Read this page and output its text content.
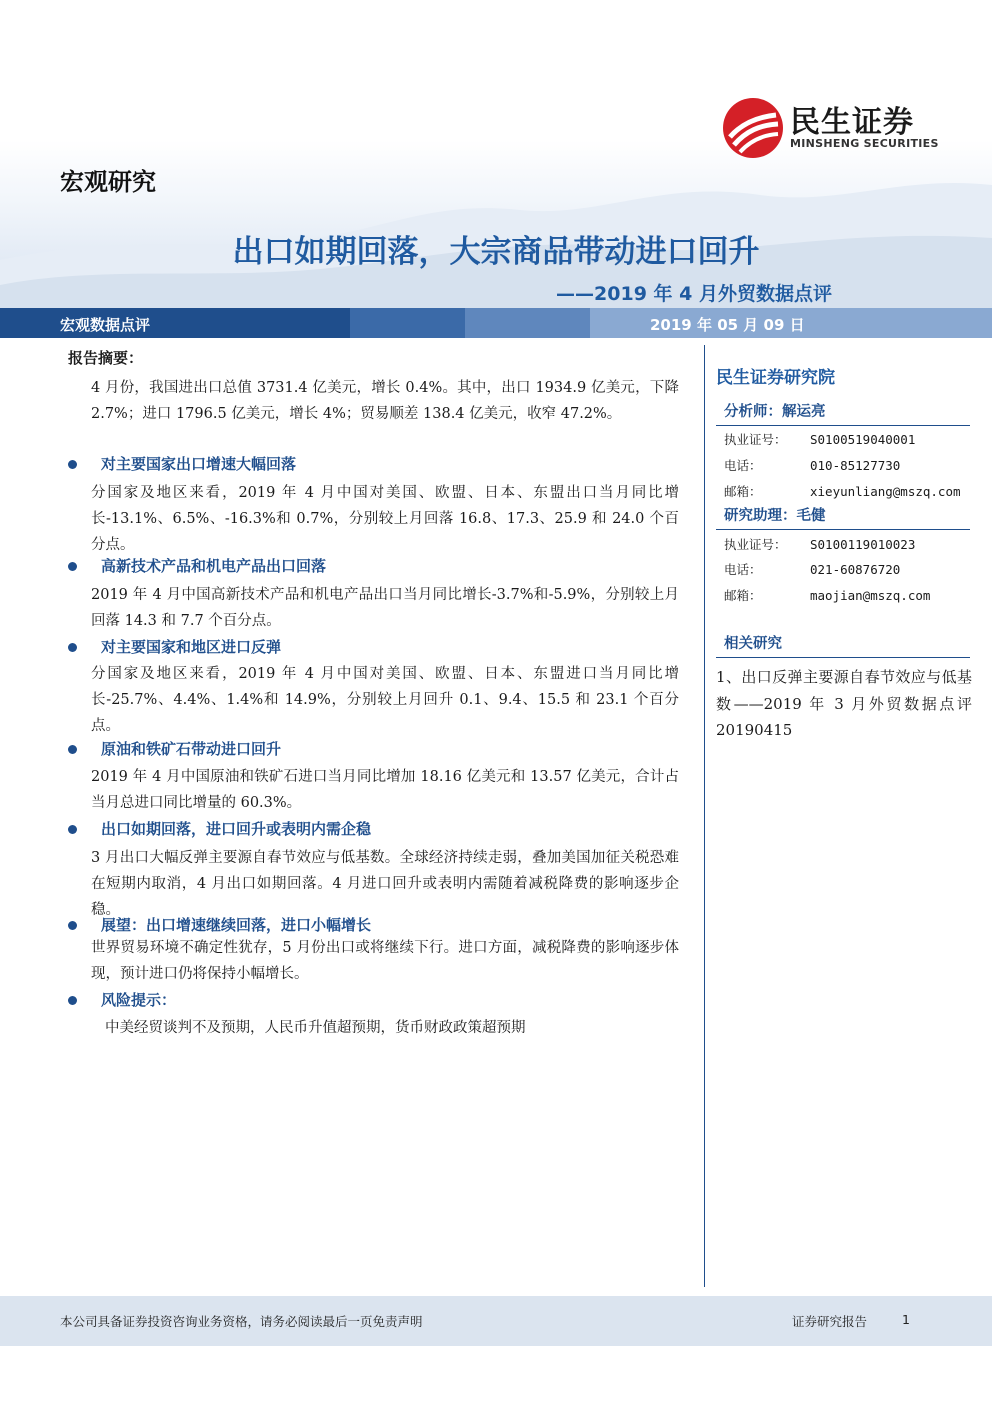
民生证券
MINSHENG SECURITIES
宏观研究
出口如期回落，大宗商品带动进口回升
——2019 年 4 月外贸数据点评
宏观数据点评	2019 年 05 月 09 日
报告摘要：
4 月份，我国进出口总值 3731.4 亿美元，增长 0.4%。其中，出口 1934.9 亿美元，下降 2.7%；进口 1796.5 亿美元，增长 4%；贸易顺差 138.4 亿美元，收窄 47.2%。
对主要国家出口增速大幅回落
分国家及地区来看，2019 年 4 月中国对美国、欧盟、日本、东盟出口当月同比增长-13.1%、6.5%、-16.3%和 0.7%，分别较上月回落 16.8、17.3、25.9 和 24.0 个百分点。
高新技术产品和机电产品出口回落
2019 年 4 月中国高新技术产品和机电产品出口当月同比增长-3.7%和-5.9%，分别较上月回落 14.3 和 7.7 个百分点。
对主要国家和地区进口反弹
分国家及地区来看，2019 年 4 月中国对美国、欧盟、日本、东盟进口当月同比增长-25.7%、4.4%、1.4%和 14.9%，分别较上月回升 0.1、9.4、15.5 和 23.1 个百分点。
原油和铁矿石带动进口回升
2019 年 4 月中国原油和铁矿石进口当月同比增加 18.16 亿美元和 13.57 亿美元，合计占当月总进口同比增量的 60.3%。
出口如期回落，进口回升或表明内需企稳
3 月出口大幅反弹主要源自春节效应与低基数。全球经济持续走弱，叠加美国加征关税恐难在短期内取消，4 月出口如期回落。4 月进口回升或表明内需随着减税降费的影响逐步企稳。
展望：出口增速继续回落，进口小幅增长
世界贸易环境不确定性犹存，5 月份出口或将继续下行。进口方面，减税降费的影响逐步体现，预计进口仍将保持小幅增长。
风险提示：
中美经贸谈判不及预期，人民币升值超预期，货币财政政策超预期
民生证券研究院
分析师：解运亮
执业证号： S0100519040001
电话：	010-85127730
邮箱：	xieyunliang@mszq.com
研究助理：毛健
执业证号： S0100119010023
电话：	021-60876720
邮箱：	maojian@mszq.com
相关研究
1、出口反弹主要源自春节效应与低基数——2019 年 3 月外贸数据点评 20190415
本公司具备证券投资咨询业务资格，请务必阅读最后一页免责声明	证券研究报告	1
